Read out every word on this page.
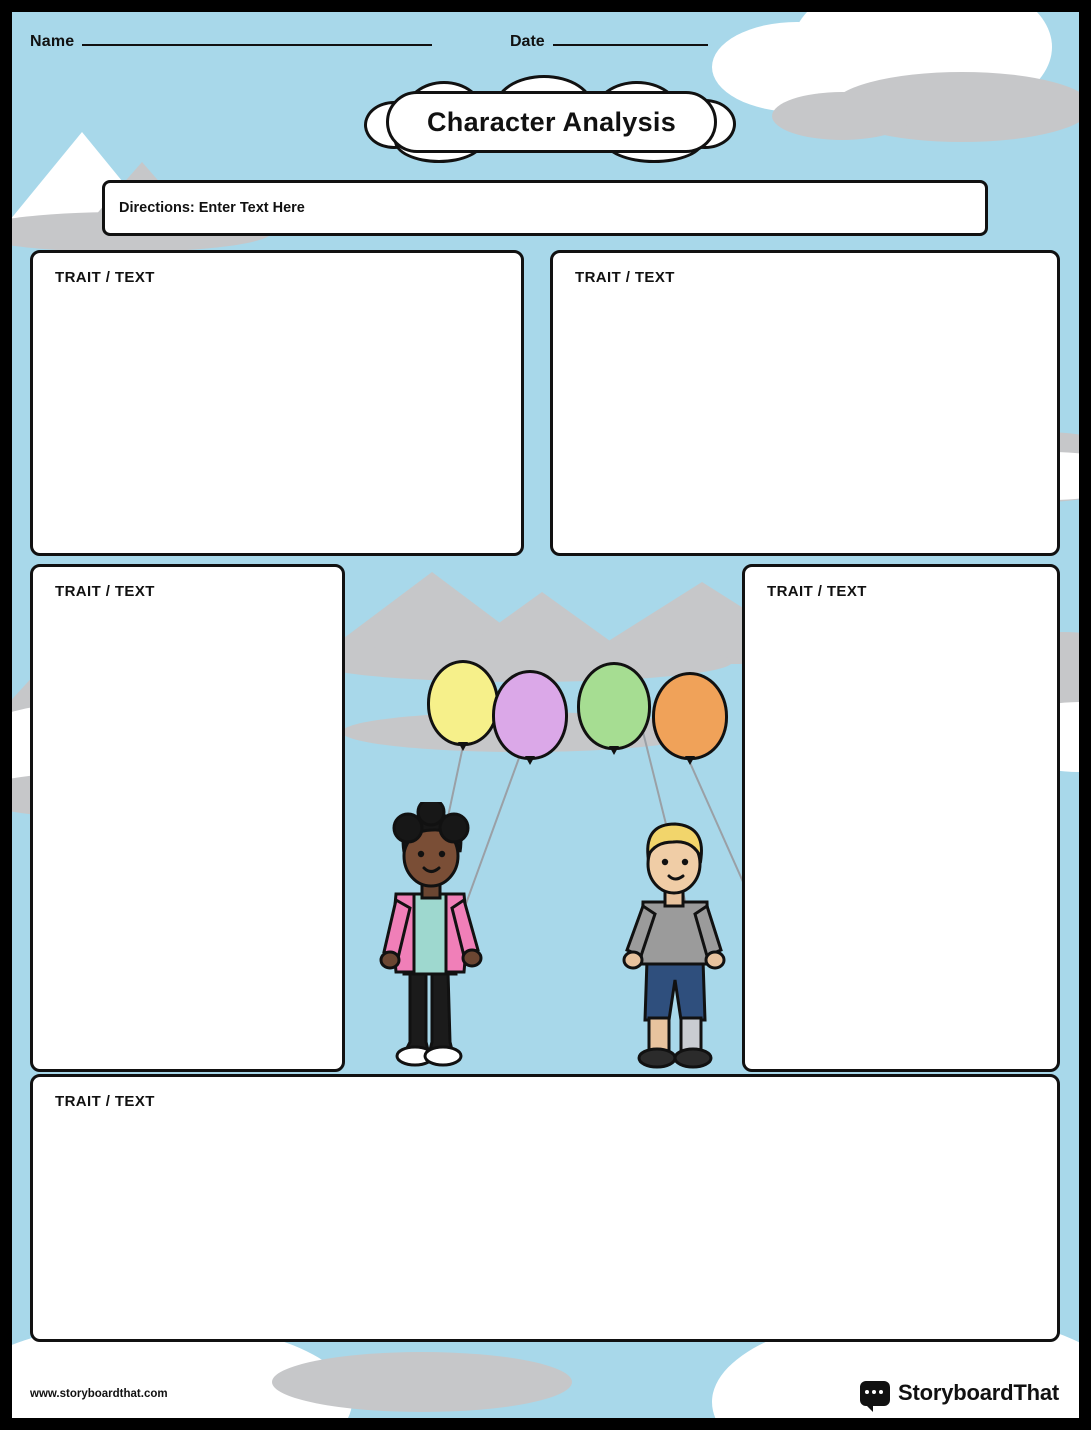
Name	Date
Character Analysis
Directions: Enter Text Here
TRAIT / TEXT	TRAIT / TEXT
TRAIT / TEXT	TRAIT / TEXT
TRAIT / TEXT
www.storyboardthat.com	StoryboardThat
